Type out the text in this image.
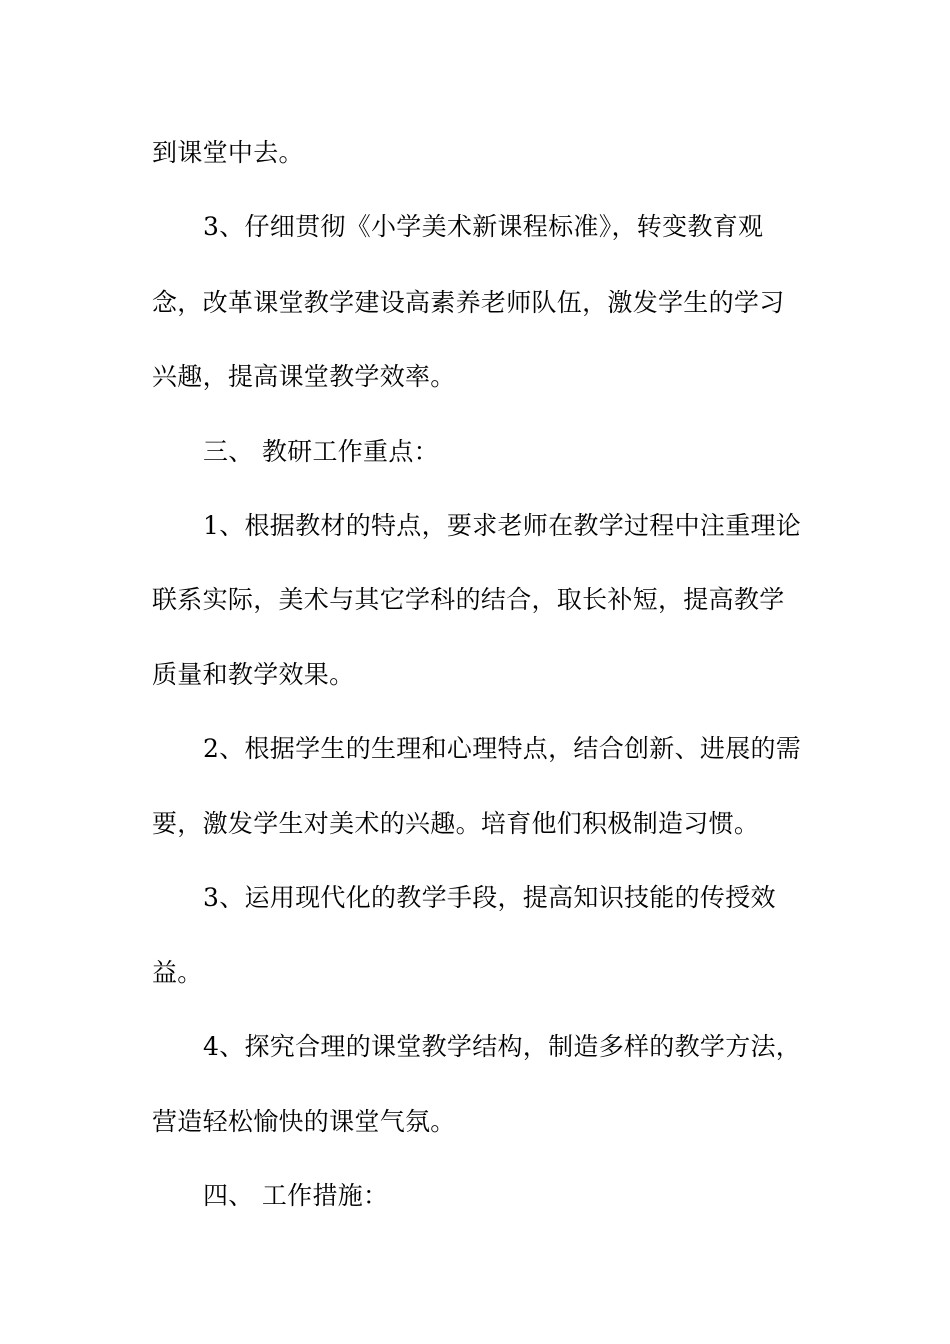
到课堂中去。
3、仔细贯彻《小学美术新课程标准》，转变教育观
念，改革课堂教学建设高素养老师队伍，激发学生的学习
兴趣，提高课堂教学效率。
三、 教研工作重点：
1、根据教材的特点，要求老师在教学过程中注重理论
联系实际，美术与其它学科的结合，取长补短，提高教学
质量和教学效果。
2、根据学生的生理和心理特点，结合创新、进展的需
要，激发学生对美术的兴趣。培育他们积极制造习惯。
3、运用现代化的教学手段，提高知识技能的传授效
益。
4、探究合理的课堂教学结构，制造多样的教学方法，
营造轻松愉快的课堂气氛。
四、 工作措施：
